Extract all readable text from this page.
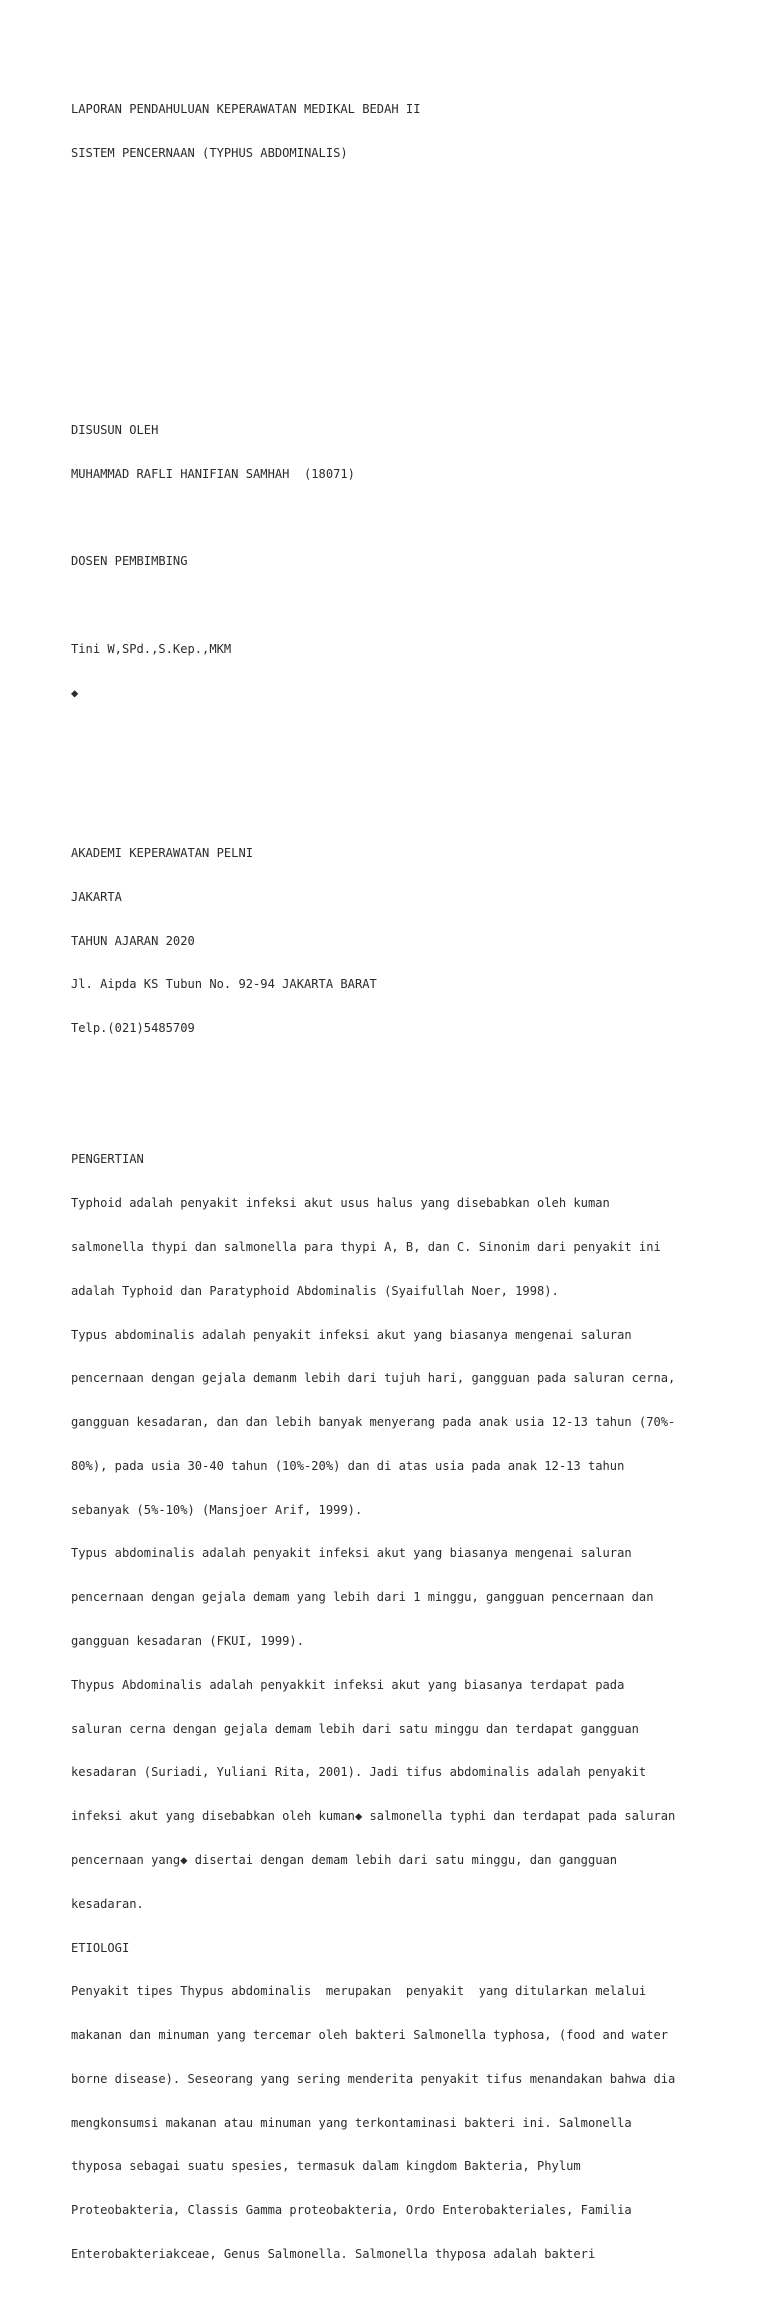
LAPORAN PENDAHULUAN KEPERAWATAN MEDIKAL BEDAH II

SISTEM PENCERNAAN (TYPHUS ABDOMINALIS)

DISUSUN OLEH

MUHAMMAD RAFLI HANIFIAN SAMHAH  (18071)

DOSEN PEMBIMBING

Tini W,SPd.,S.Kep.,MKM

◆

AKADEMI KEPERAWATAN PELNI

JAKARTA

TAHUN AJARAN 2020

Jl. Aipda KS Tubun No. 92-94 JAKARTA BARAT

Telp.(021)5485709

PENGERTIAN

Typhoid adalah penyakit infeksi akut usus halus yang disebabkan oleh kuman

salmonella thypi dan salmonella para thypi A, B, dan C. Sinonim dari penyakit ini

adalah Typhoid dan Paratyphoid Abdominalis (Syaifullah Noer, 1998).

Typus abdominalis adalah penyakit infeksi akut yang biasanya mengenai saluran

pencernaan dengan gejala demanm lebih dari tujuh hari, gangguan pada saluran cerna,

gangguan kesadaran, dan dan lebih banyak menyerang pada anak usia 12-13 tahun (70%-

80%), pada usia 30-40 tahun (10%-20%) dan di atas usia pada anak 12-13 tahun

sebanyak (5%-10%) (Mansjoer Arif, 1999).

Typus abdominalis adalah penyakit infeksi akut yang biasanya mengenai saluran

pencernaan dengan gejala demam yang lebih dari 1 minggu, gangguan pencernaan dan

gangguan kesadaran (FKUI, 1999).

Thypus Abdominalis adalah penyakkit infeksi akut yang biasanya terdapat pada

saluran cerna dengan gejala demam lebih dari satu minggu dan terdapat gangguan

kesadaran (Suriadi, Yuliani Rita, 2001). Jadi tifus abdominalis adalah penyakit

infeksi akut yang disebabkan oleh kuman◆ salmonella typhi dan terdapat pada saluran

pencernaan yang◆ disertai dengan demam lebih dari satu minggu, dan gangguan

kesadaran.

ETIOLOGI

Penyakit tipes Thypus abdominalis  merupakan  penyakit  yang ditularkan melalui

makanan dan minuman yang tercemar oleh bakteri Salmonella typhosa, (food and water

borne disease). Seseorang yang sering menderita penyakit tifus menandakan bahwa dia

mengkonsumsi makanan atau minuman yang terkontaminasi bakteri ini. Salmonella

thyposa sebagai suatu spesies, termasuk dalam kingdom Bakteria, Phylum

Proteobakteria, Classis Gamma proteobakteria, Ordo Enterobakteriales, Familia

Enterobakteriakceae, Genus Salmonella. Salmonella thyposa adalah bakteri
